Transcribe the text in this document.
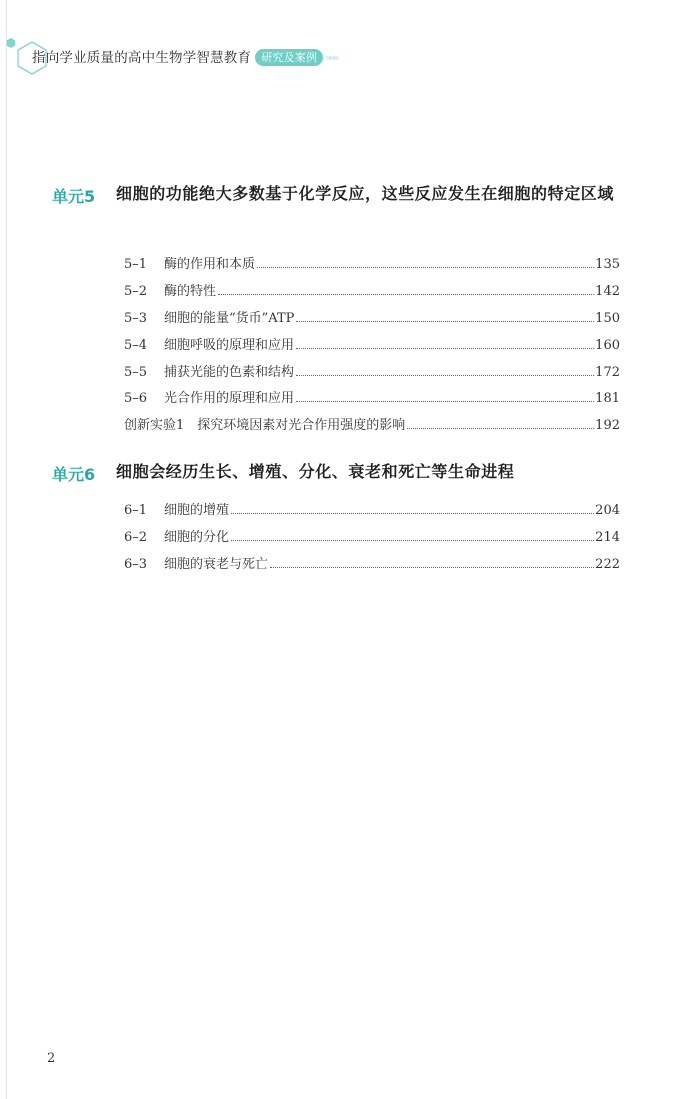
指向学业质量的高中生物学智慧教育 研究及案例 »»»
单元5 细胞的功能绝大多数基于化学反应，这些反应发生在细胞的特定区域
5–1	酶的作用和本质	135
5–2	酶的特性	142
5–3	细胞的能量“货币”ATP	150
5–4	细胞呼吸的原理和应用	160
5–5	捕获光能的色素和结构	172
5–6	光合作用的原理和应用	181
创新实验1　探究环境因素对光合作用强度的影响	192
单元6 细胞会经历生长、增殖、分化、衰老和死亡等生命进程
6–1	细胞的增殖	204
6–2	细胞的分化	214
6–3	细胞的衰老与死亡	222
2
